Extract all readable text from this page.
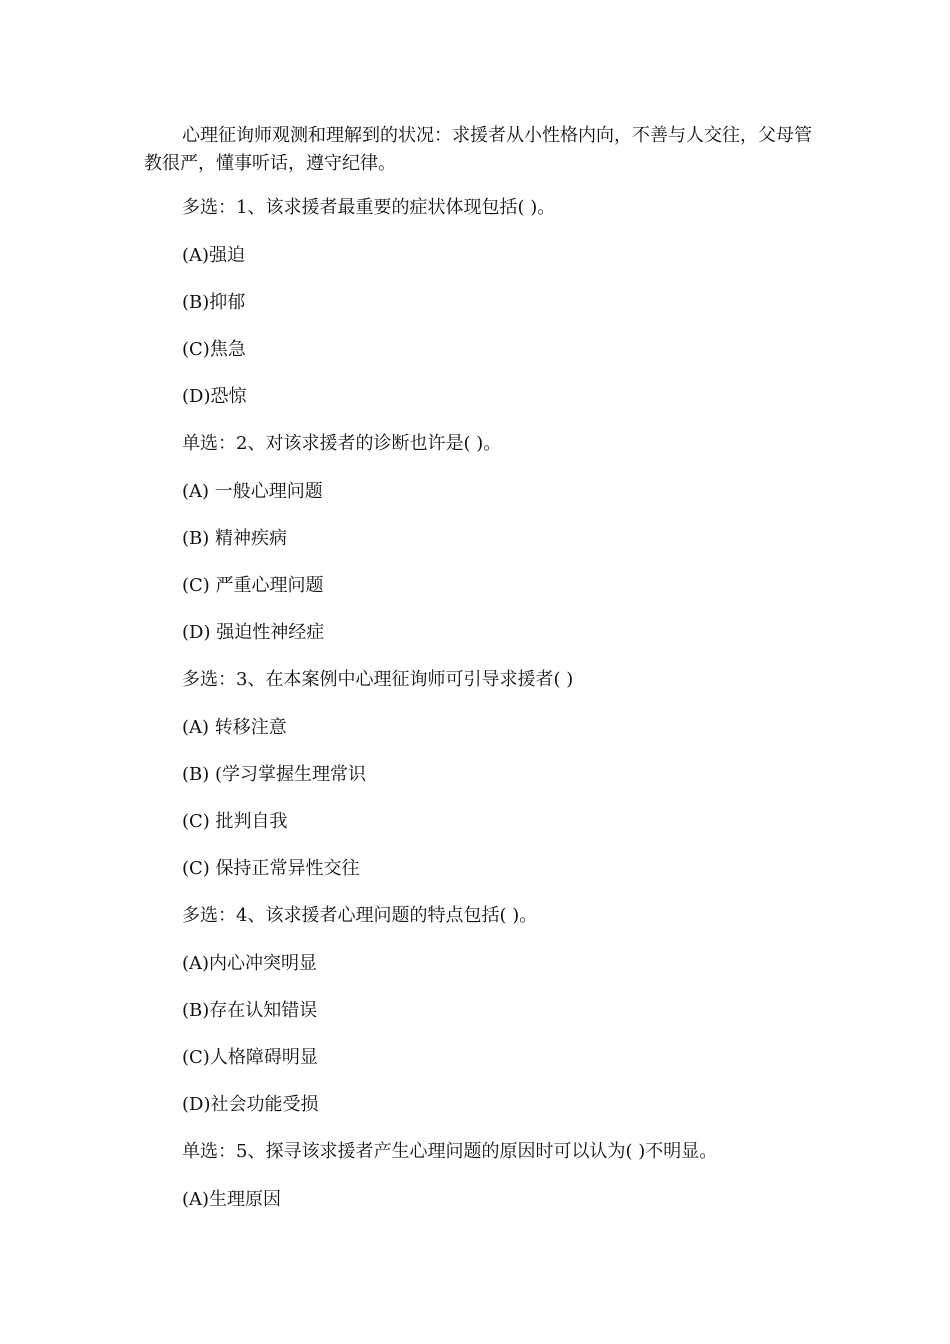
心理征询师观测和理解到的状况：求援者从小性格内向，不善与人交往，父母管教很严，懂事听话，遵守纪律。

多选：1、该求援者最重要的症状体现包括( )。

(A)强迫

(B)抑郁

(C)焦急

(D)恐惊

单选：2、对该求援者的诊断也许是( )。

(A) 一般心理问题

(B) 精神疾病

(C) 严重心理问题

(D) 强迫性神经症

多选：3、在本案例中心理征询师可引导求援者( )

(A) 转移注意

(B) (学习掌握生理常识

(C) 批判自我

(C) 保持正常异性交往

多选：4、该求援者心理问题的特点包括( )。

(A)内心冲突明显

(B)存在认知错误

(C)人格障碍明显

(D)社会功能受损

单选：5、探寻该求援者产生心理问题的原因时可以认为( )不明显。

(A)生理原因
